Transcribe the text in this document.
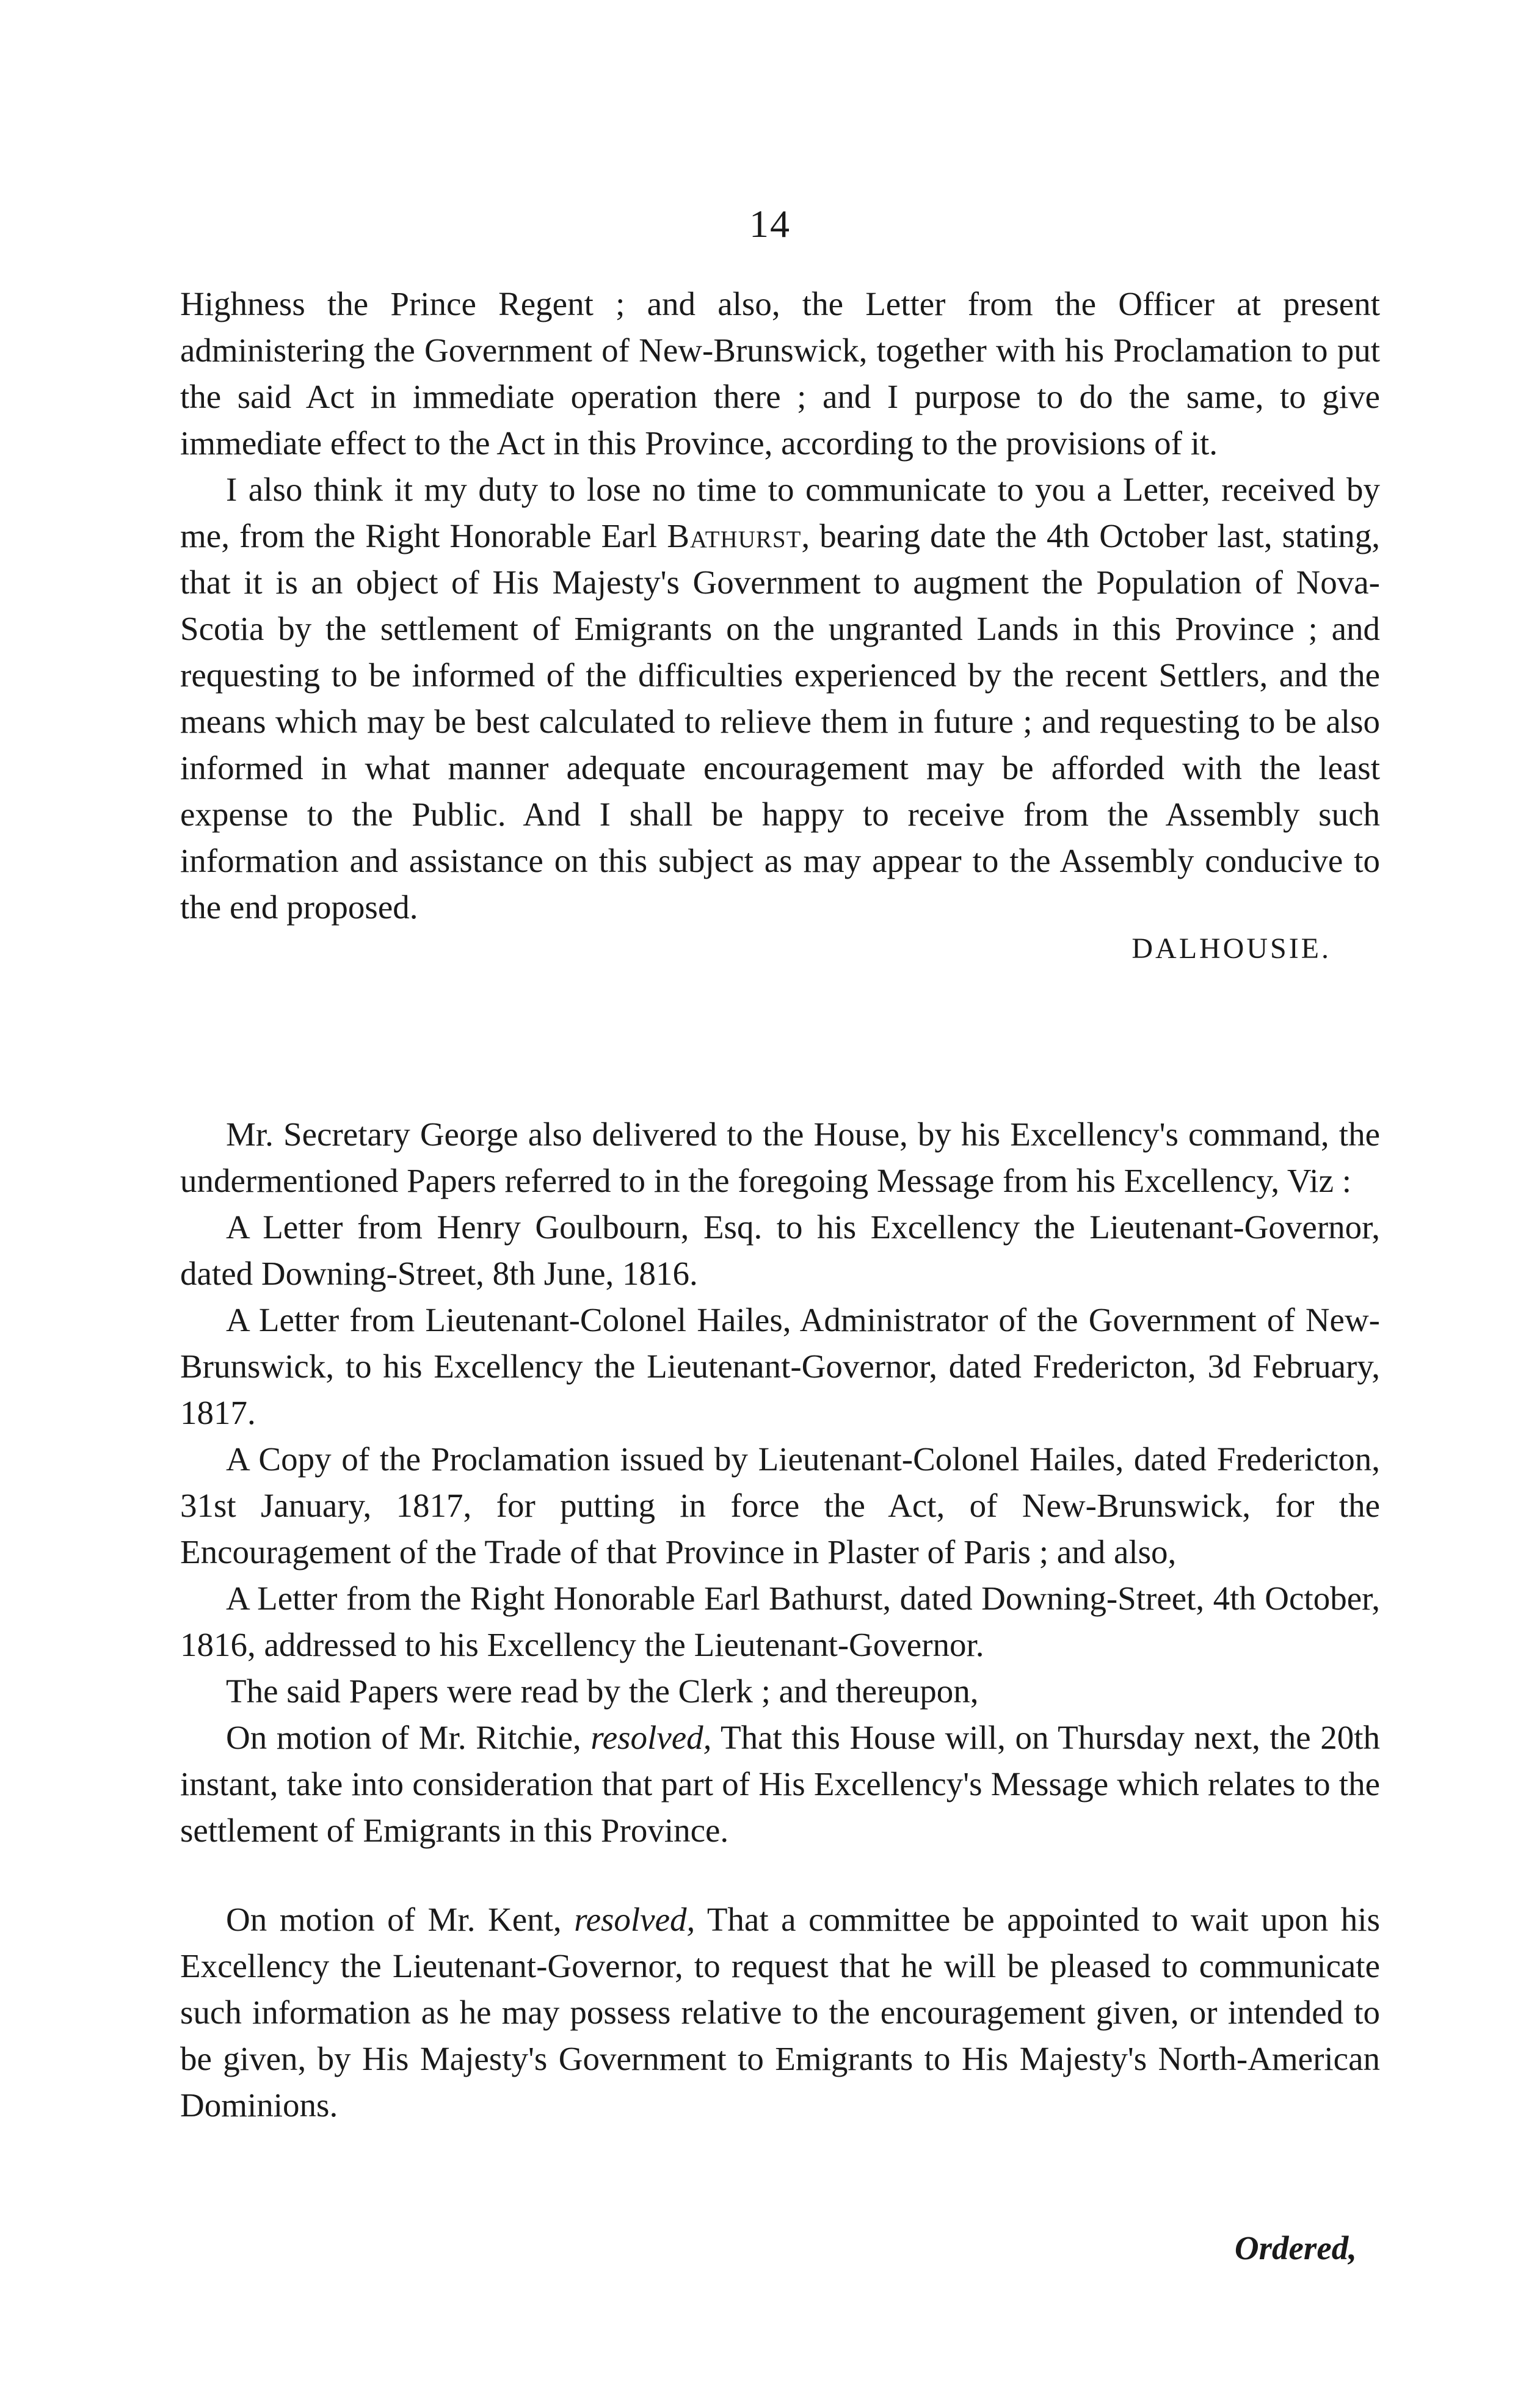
14

Highness the Prince Regent ; and also, the Letter from the Officer at present administering the Government of New-Brunswick, together with his Proclamation to put the said Act in immediate operation there ; and I purpose to do the same, to give immediate effect to the Act in this Province, according to the provisions of it.

I also think it my duty to lose no time to communicate to you a Letter, received by me, from the Right Honorable Earl Bathurst, bearing date the 4th October last, stating, that it is an object of His Majesty's Government to augment the Population of Nova-Scotia by the settlement of Emigrants on the ungranted Lands in this Province ; and requesting to be informed of the difficulties experienced by the recent Settlers, and the means which may be best calculated to relieve them in future ; and requesting to be also informed in what manner adequate encouragement may be afforded with the least expense to the Public. And I shall be happy to receive from the Assembly such information and assistance on this subject as may appear to the Assembly conducive to the end proposed.

DALHOUSIE.

Mr. Secretary George also delivered to the House, by his Excellency's command, the undermentioned Papers referred to in the foregoing Message from his Excellency, Viz :

A Letter from Henry Goulbourn, Esq. to his Excellency the Lieutenant-Governor, dated Downing-Street, 8th June, 1816.

A Letter from Lieutenant-Colonel Hailes, Administrator of the Government of New-Brunswick, to his Excellency the Lieutenant-Governor, dated Fredericton, 3d February, 1817.

A Copy of the Proclamation issued by Lieutenant-Colonel Hailes, dated Fredericton, 31st January, 1817, for putting in force the Act, of New-Brunswick, for the Encouragement of the Trade of that Province in Plaster of Paris ; and also,

A Letter from the Right Honorable Earl Bathurst, dated Downing-Street, 4th October, 1816, addressed to his Excellency the Lieutenant-Governor.

The said Papers were read by the Clerk ; and thereupon,

On motion of Mr. Ritchie, resolved, That this House will, on Thursday next, the 20th instant, take into consideration that part of His Excellency's Message which relates to the settlement of Emigrants in this Province.

On motion of Mr. Kent, resolved, That a committee be appointed to wait upon his Excellency the Lieutenant-Governor, to request that he will be pleased to communicate such information as he may possess relative to the encouragement given, or intended to be given, by His Majesty's Government to Emigrants to His Majesty's North-American Dominions.

Ordered,
